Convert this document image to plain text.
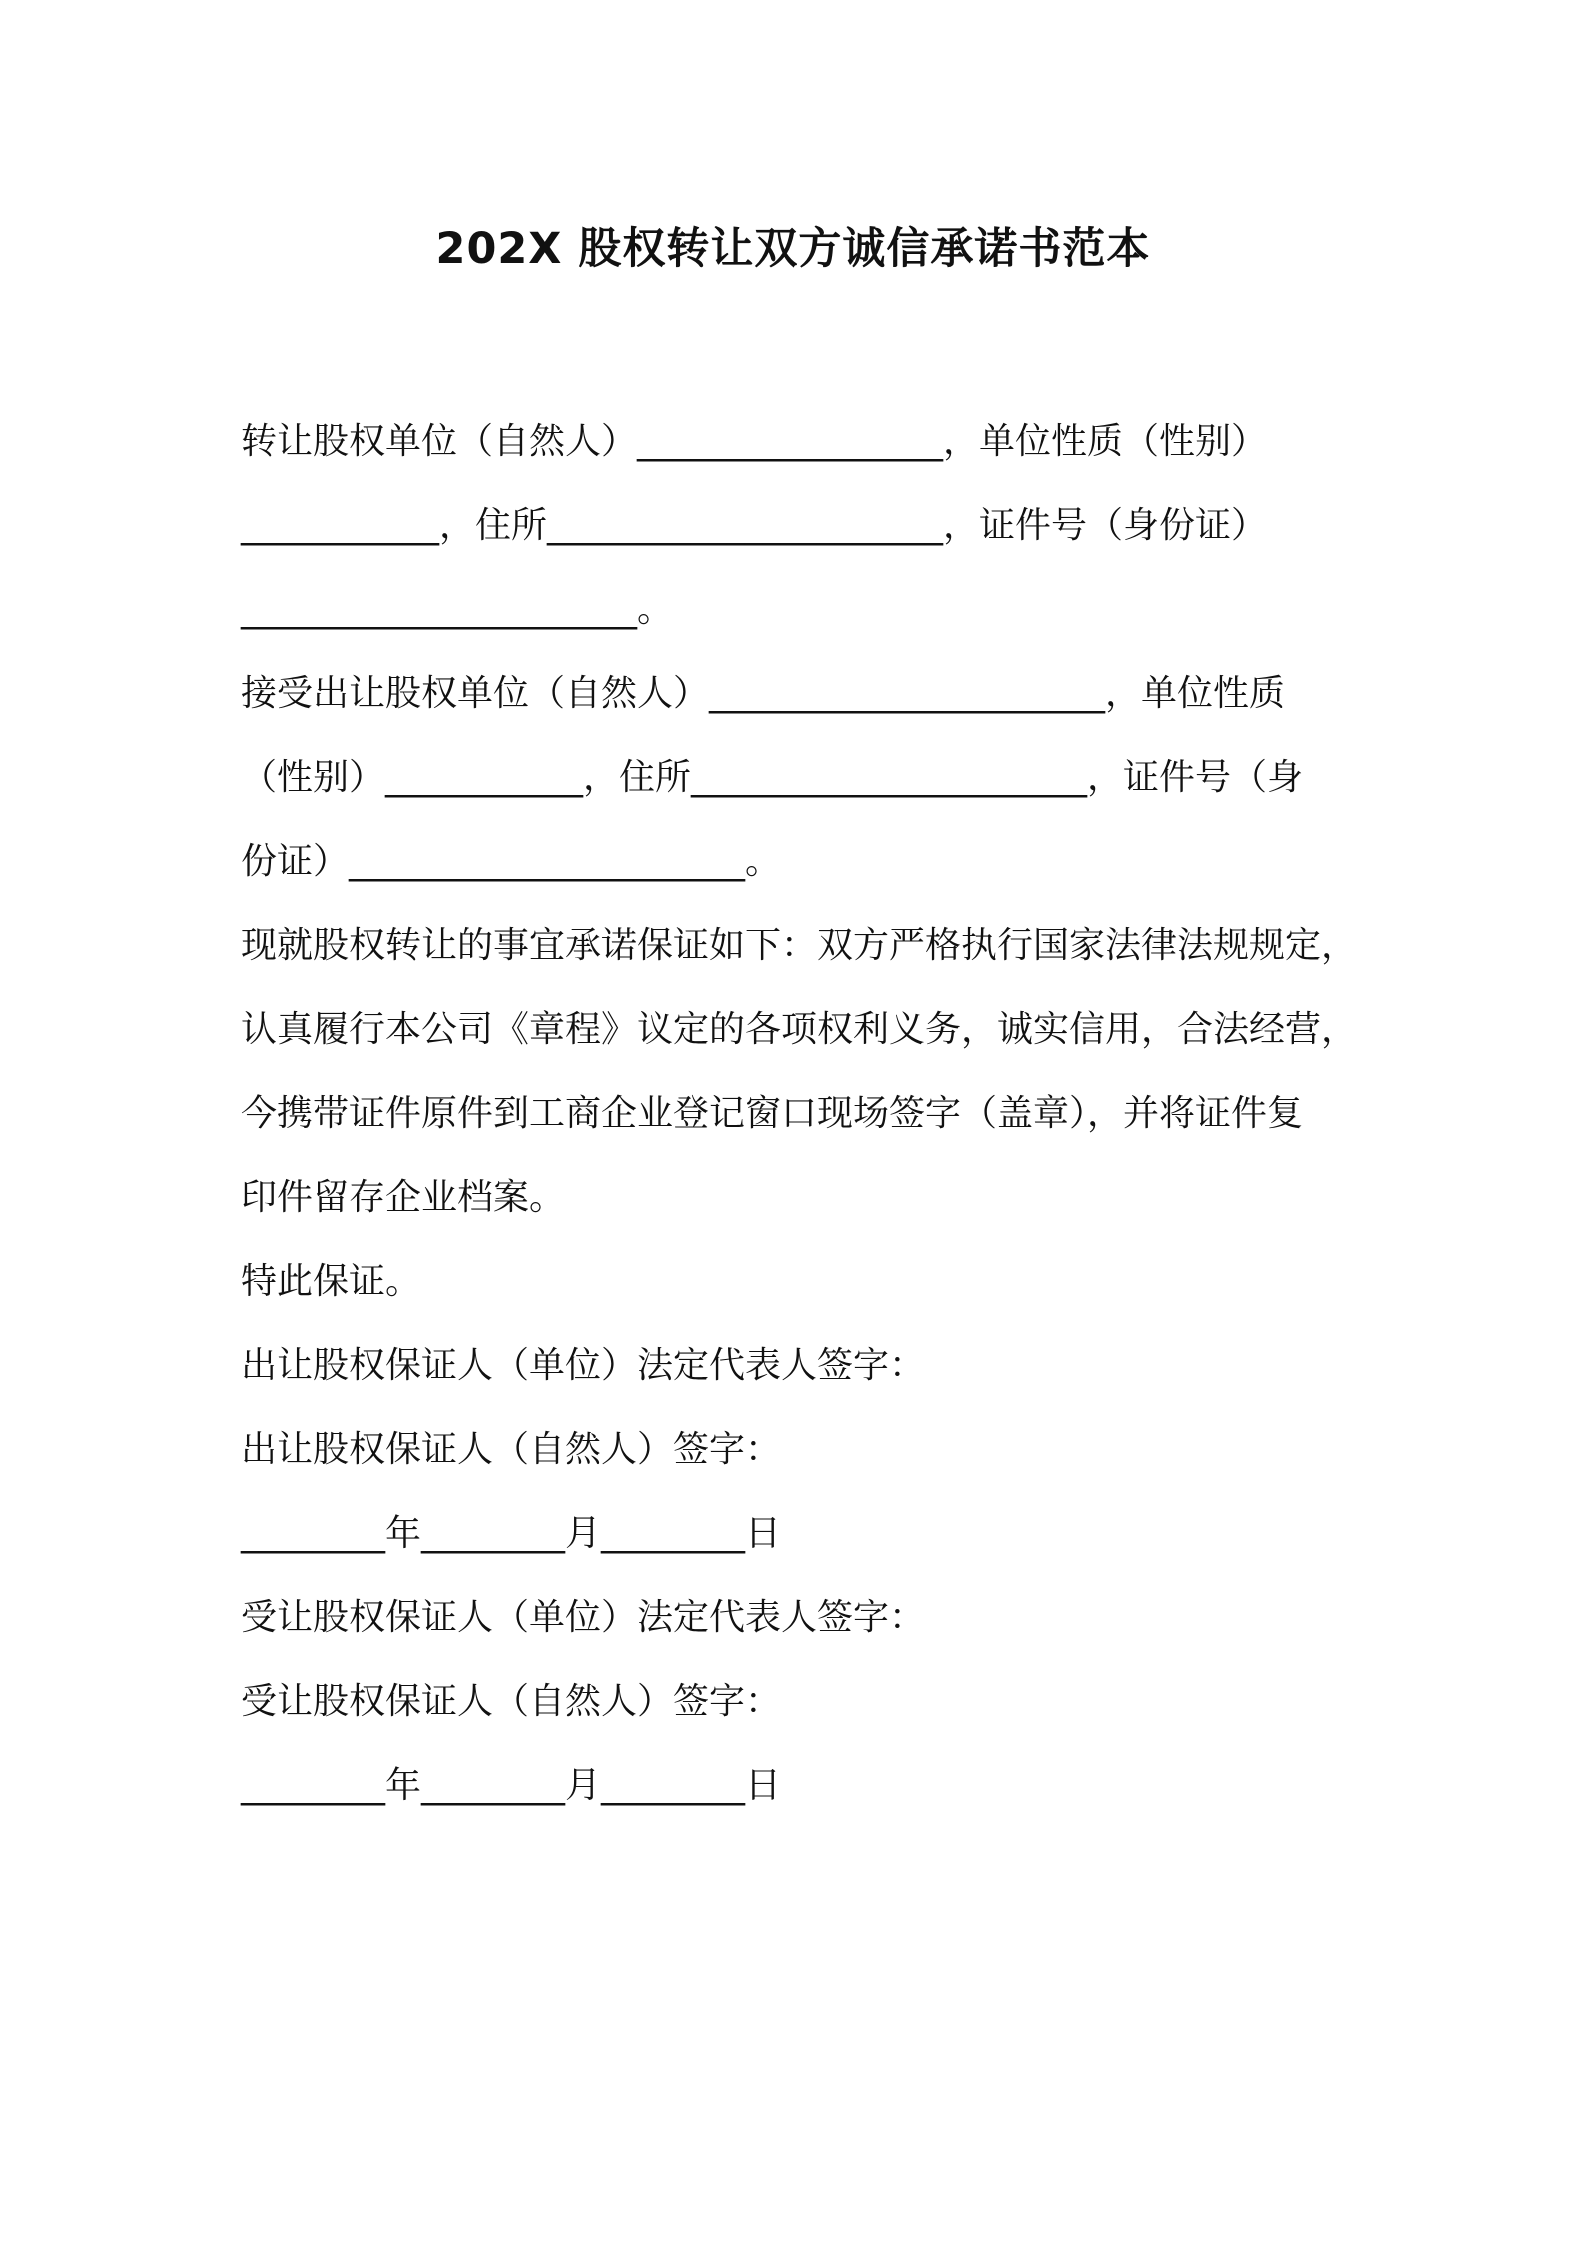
202X 股权转让双方诚信承诺书范本
转让股权单位（自然人）_________________，单位性质（性别）
___________，住所______________________，证件号（身份证）
______________________。
接受出让股权单位（自然人）______________________，单位性质
（性别）___________，住所______________________，证件号（身
份证）______________________。
现就股权转让的事宜承诺保证如下：双方严格执行国家法律法规规定，
认真履行本公司《章程》议定的各项权利义务，诚实信用，合法经营，
今携带证件原件到工商企业登记窗口现场签字（盖章），并将证件复
印件留存企业档案。
特此保证。
出让股权保证人（单位）法定代表人签字：
出让股权保证人（自然人）签字：
________年________月________日
受让股权保证人（单位）法定代表人签字：
受让股权保证人（自然人）签字：
________年________月________日
